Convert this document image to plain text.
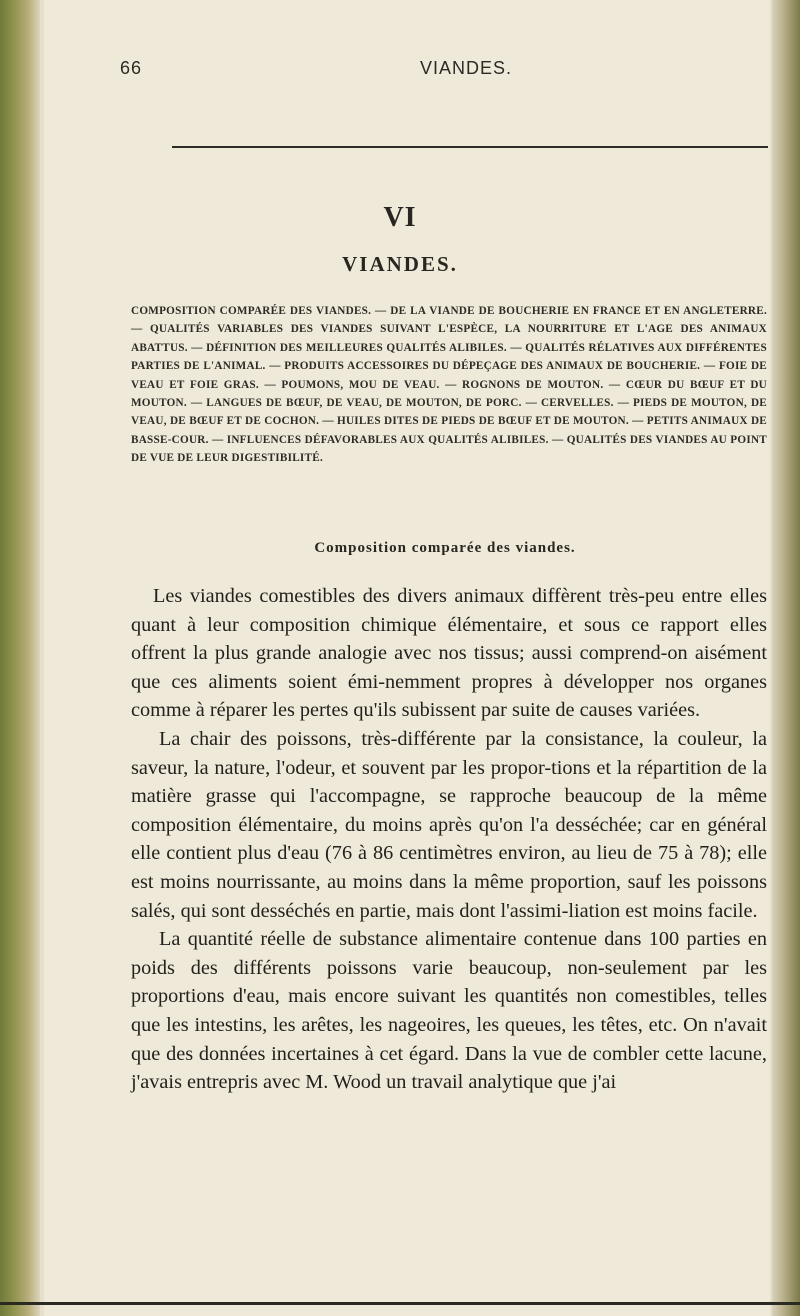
66	VIANDES.
VI
VIANDES.
COMPOSITION COMPARÉE DES VIANDES. — DE LA VIANDE DE BOUCHERIE EN FRANCE ET EN ANGLETERRE. — QUALITÉS VARIABLES DES VIANDES SUIVANT L'ESPÈCE, LA NOURRITURE ET L'AGE DES ANIMAUX ABATTUS. — DÉFINITION DES MEILLEURES QUALITÉS ALIBILES. — QUALITÉS RÉLATIVES AUX DIFFÉRENTES PARTIES DE L'ANIMAL. — PRODUITS ACCESSOIRES DU DÉPEÇAGE DES ANIMAUX DE BOUCHERIE. — FOIE DE VEAU ET FOIE GRAS. — POUMONS, MOU DE VEAU. — ROGNONS DE MOUTON. — CŒUR DU BŒUF ET DU MOUTON. — LANGUES DE BŒUF, DE VEAU, DE MOUTON, DE PORC. — CERVELLES. — PIEDS DE MOUTON, DE VEAU, DE BŒUF ET DE COCHON. — HUILES DITES DE PIEDS DE BŒUF ET DE MOUTON. — PETITS ANIMAUX DE BASSE-COUR. — INFLUENCES DÉFAVORABLES AUX QUALITÉS ALIBILES. — QUALITÉS DES VIANDES AU POINT DE VUE DE LEUR DIGESTIBILITÉ.
Composition comparée des viandes.

Les viandes comestibles des divers animaux diffèrent très-peu entre elles quant à leur composition chimique élémentaire, et sous ce rapport elles offrent la plus grande analogie avec nos tissus; aussi comprend-on aisément que ces aliments soient émi-nemment propres à développer nos organes comme à réparer les pertes qu'ils subissent par suite de causes variées.

La chair des poissons, très-différente par la consistance, la couleur, la saveur, la nature, l'odeur, et souvent par les propor-tions et la répartition de la matière grasse qui l'accompagne, se rapproche beaucoup de la même composition élémentaire, du moins après qu'on l'a desséchée; car en général elle contient plus d'eau (76 à 86 centimètres environ, au lieu de 75 à 78); elle est moins nourrissante, au moins dans la même proportion, sauf les poissons salés, qui sont desséchés en partie, mais dont l'assimi-liation est moins facile.

La quantité réelle de substance alimentaire contenue dans 100 parties en poids des différents poissons varie beaucoup, non-seulement par les proportions d'eau, mais encore suivant les quantités non comestibles, telles que les intestins, les arêtes, les nageoires, les queues, les têtes, etc. On n'avait que des données incertaines à cet égard. Dans la vue de combler cette lacune, j'avais entrepris avec M. Wood un travail analytique que j'ai
